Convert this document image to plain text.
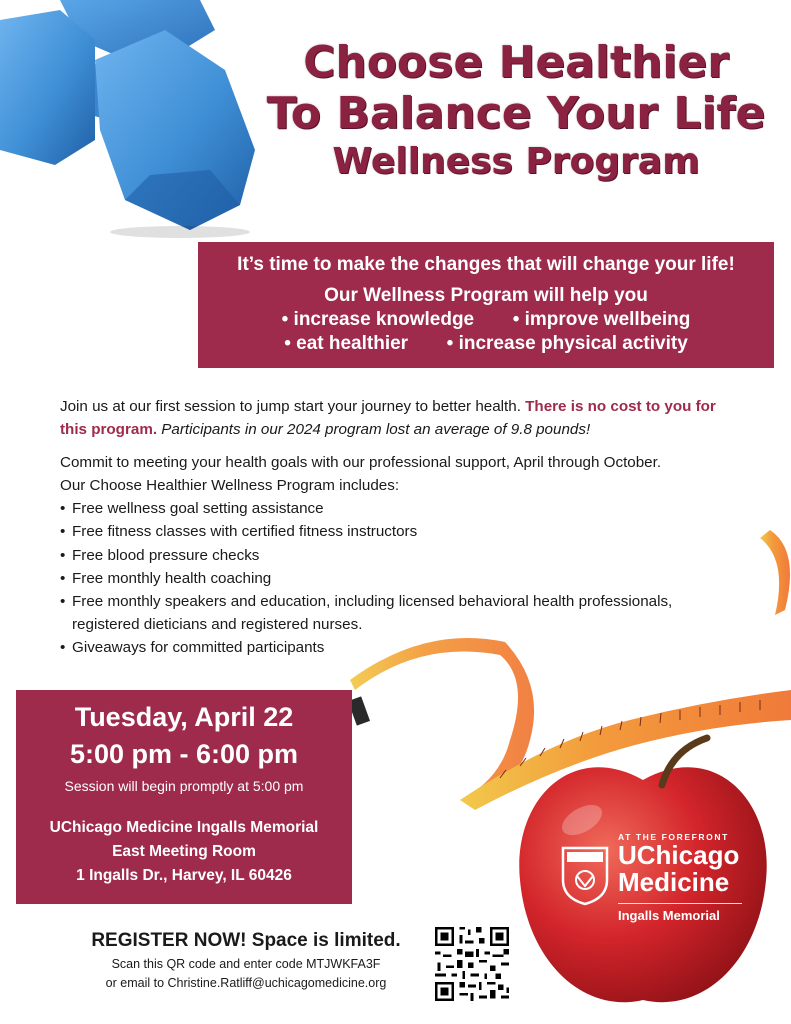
Choose Healthier
To Balance Your Life
Wellness Program
It’s time to make the changes that will change your life!
Our Wellness Program will help you
• increase knowledge • improve wellbeing
• eat healthier • increase physical activity

Join us at our first session to jump start your journey to better health. There is no cost to you for this program. Participants in our 2024 program lost an average of 9.8 pounds!

Commit to meeting your health goals with our professional support, April through October.
Our Choose Healthier Wellness Program includes:
• Free wellness goal setting assistance
• Free fitness classes with certified fitness instructors
• Free blood pressure checks
• Free monthly health coaching
• Free monthly speakers and education, including licensed behavioral health professionals, registered dieticians and registered nurses.
• Giveaways for committed participants
AT THE FOREFRONT
UChicago
Medicine
Ingalls Memorial
Tuesday, April 22
5:00 pm - 6:00 pm
Session will begin promptly at 5:00 pm
UChicago Medicine Ingalls Memorial
East Meeting Room
1 Ingalls Dr., Harvey, IL 60426
REGISTER NOW! Space is limited.
Scan this QR code and enter code MTJWKFA3F
or email to Christine.Ratliff@uchicagomedicine.org
